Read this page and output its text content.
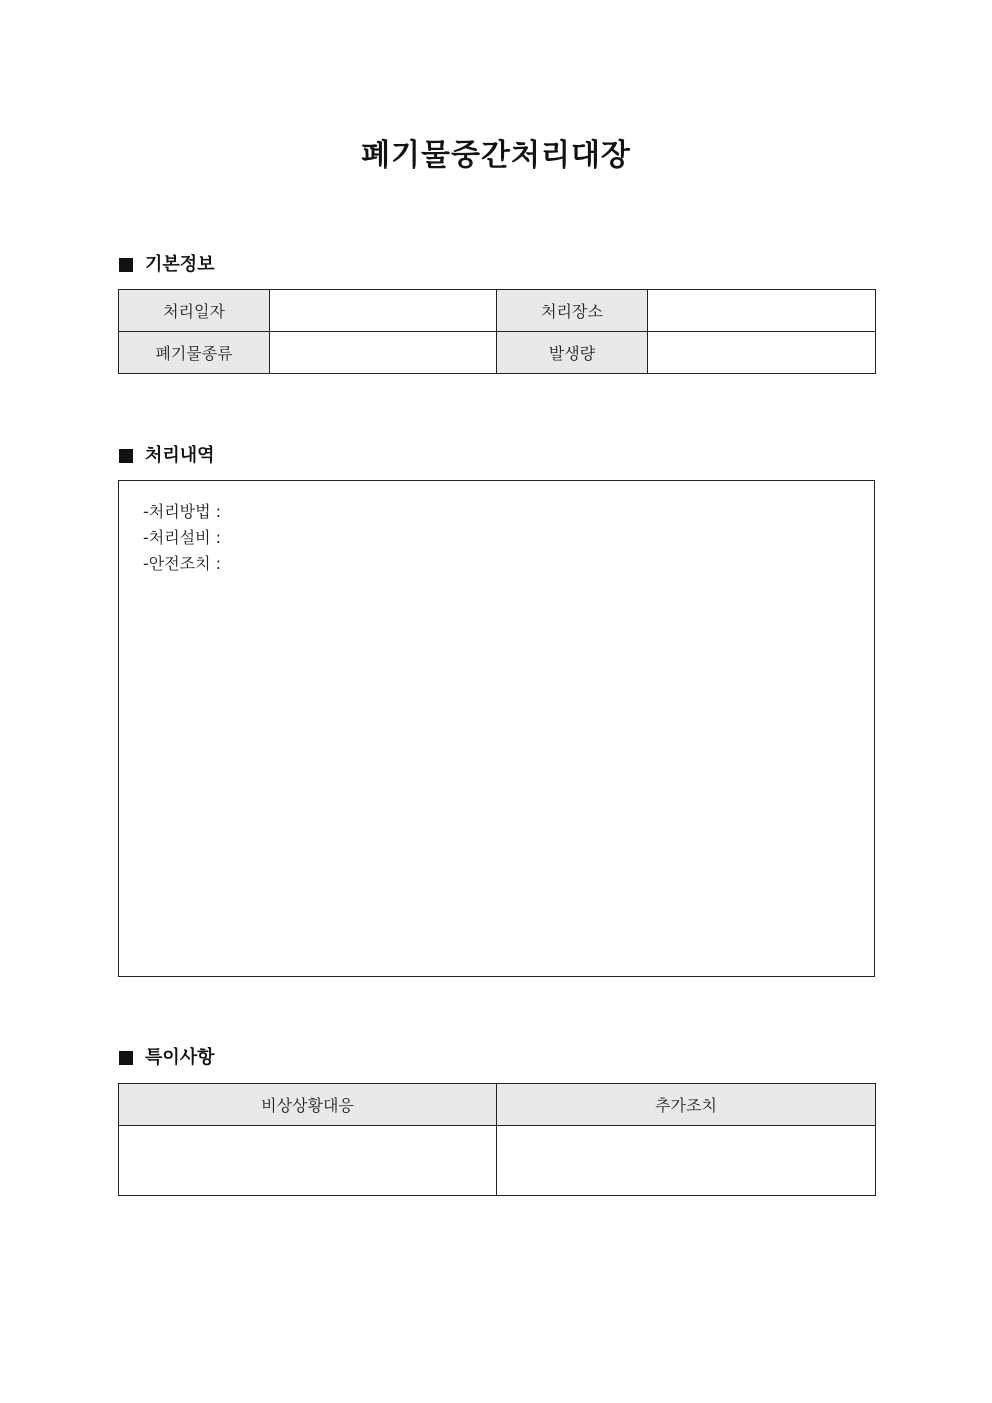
폐기물중간처리대장
기본정보
처리일자		처리장소	
폐기물종류		발생량	
처리내역
-처리방법 :
-처리설비 :
-안전조치 :
특이사항
비상상황대응	추가조치
